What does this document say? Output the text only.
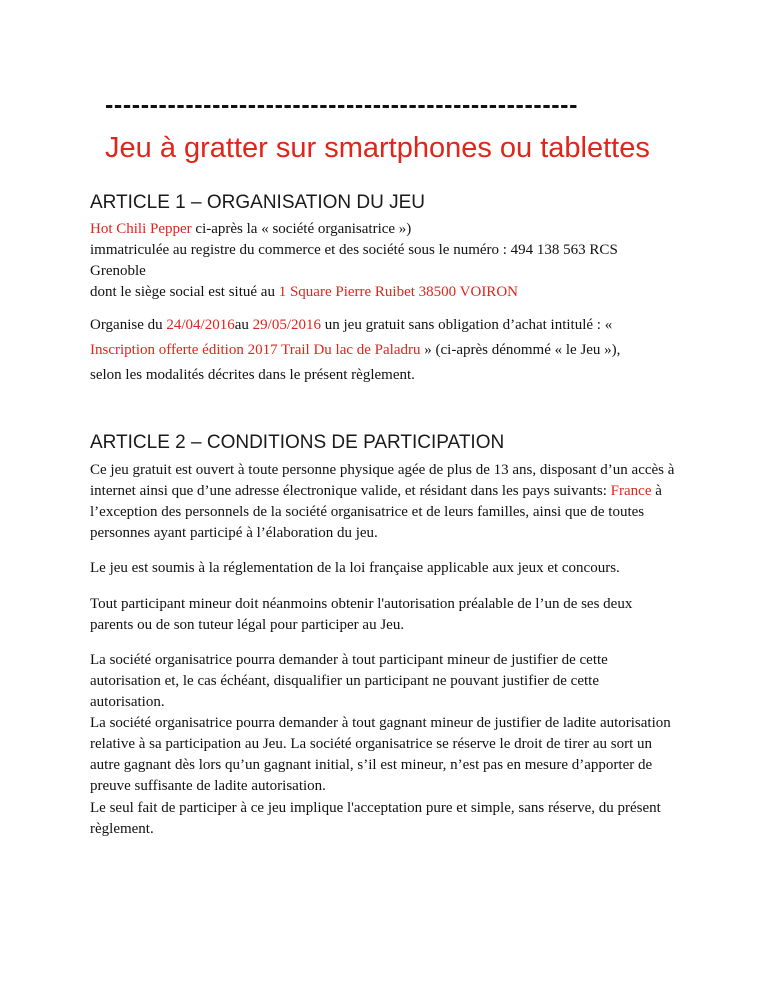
-----------------------------------------------------
Jeu à gratter sur smartphones ou tablettes
ARTICLE 1 – ORGANISATION DU JEU
Hot Chili Pepper ci-après la « société organisatrice »)
immatriculée au registre du commerce et des société sous le numéro : 494 138 563 RCS
Grenoble
dont le siège social est situé au 1 Square Pierre Ruibet 38500 VOIRON
Organise du 24/04/2016au 29/05/2016 un jeu gratuit sans obligation d’achat intitulé : «
Inscription offerte édition 2017 Trail Du lac de Paladru » (ci-après dénommé « le Jeu »),
selon les modalités décrites dans le présent règlement.
ARTICLE 2 – CONDITIONS DE PARTICIPATION
Ce jeu gratuit est ouvert à toute personne physique agée de plus de 13 ans, disposant d’un accès à
internet ainsi que d’une adresse électronique valide, et résidant dans les pays suivants: France à
l’exception des personnels de la société organisatrice et de leurs familles, ainsi que de toutes
personnes ayant participé à l’élaboration du jeu.
Le jeu est soumis à la réglementation de la loi française applicable aux jeux et concours.
Tout participant mineur doit néanmoins obtenir l'autorisation préalable de l’un de ses deux
parents ou de son tuteur légal pour participer au Jeu.
La société organisatrice pourra demander à tout participant mineur de justifier de cette
autorisation et, le cas échéant, disqualifier un participant ne pouvant justifier de cette
autorisation.
La société organisatrice pourra demander à tout gagnant mineur de justifier de ladite autorisation
relative à sa participation au Jeu. La société organisatrice se réserve le droit de tirer au sort un
autre gagnant dès lors qu’un gagnant initial, s’il est mineur, n’est pas en mesure d’apporter de
preuve suffisante de ladite autorisation.
Le seul fait de participer à ce jeu implique l'acceptation pure et simple, sans réserve, du présent
règlement.
